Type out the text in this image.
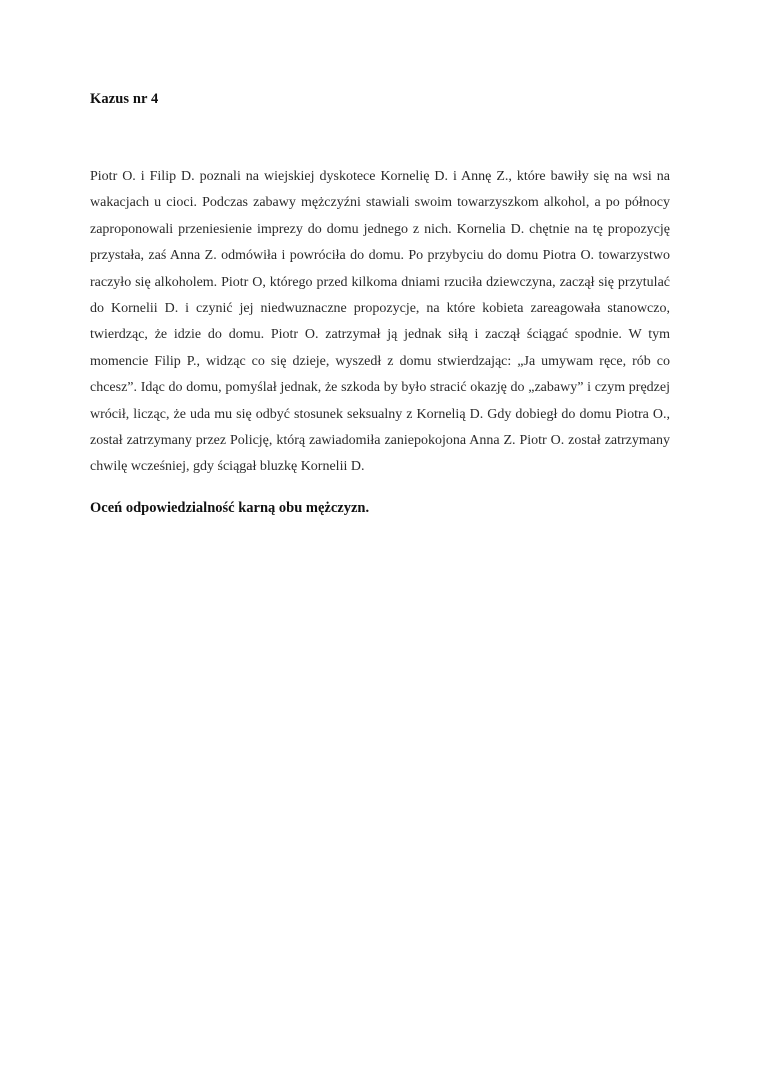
Kazus nr 4

Piotr O. i Filip D. poznali na wiejskiej dyskotece Kornelię D. i Annę Z., które bawiły się na wsi na wakacjach u cioci. Podczas zabawy mężczyźni stawiali swoim towarzyszkom alkohol, a po północy zaproponowali przeniesienie imprezy do domu jednego z nich. Kornelia D. chętnie na tę propozycję przystała, zaś Anna Z. odmówiła i powróciła do domu. Po przybyciu do domu Piotra O. towarzystwo raczyło się alkoholem. Piotr O, którego przed kilkoma dniami rzuciła dziewczyna, zaczął się przytulać do Kornelii D. i czynić jej niedwuznaczne propozycje, na które kobieta zareagowała stanowczo, twierdząc, że idzie do domu. Piotr O. zatrzymał ją jednak siłą i zaczął ściągać spodnie. W tym momencie Filip P., widząc co się dzieje, wyszedł z domu stwierdzając: „Ja umywam ręce, rób co chcesz”. Idąc do domu, pomyślał jednak, że szkoda by było stracić okazję do „zabawy” i czym prędzej wrócił, licząc, że uda mu się odbyć stosunek seksualny z Kornelią D. Gdy dobiegł do domu Piotra O., został zatrzymany przez Policję, którą zawiadomiła zaniepokojona Anna Z. Piotr O. został zatrzymany chwilę wcześniej, gdy ściągał bluzkę Kornelii D.

Oceń odpowiedzialność karną obu mężczyzn.
